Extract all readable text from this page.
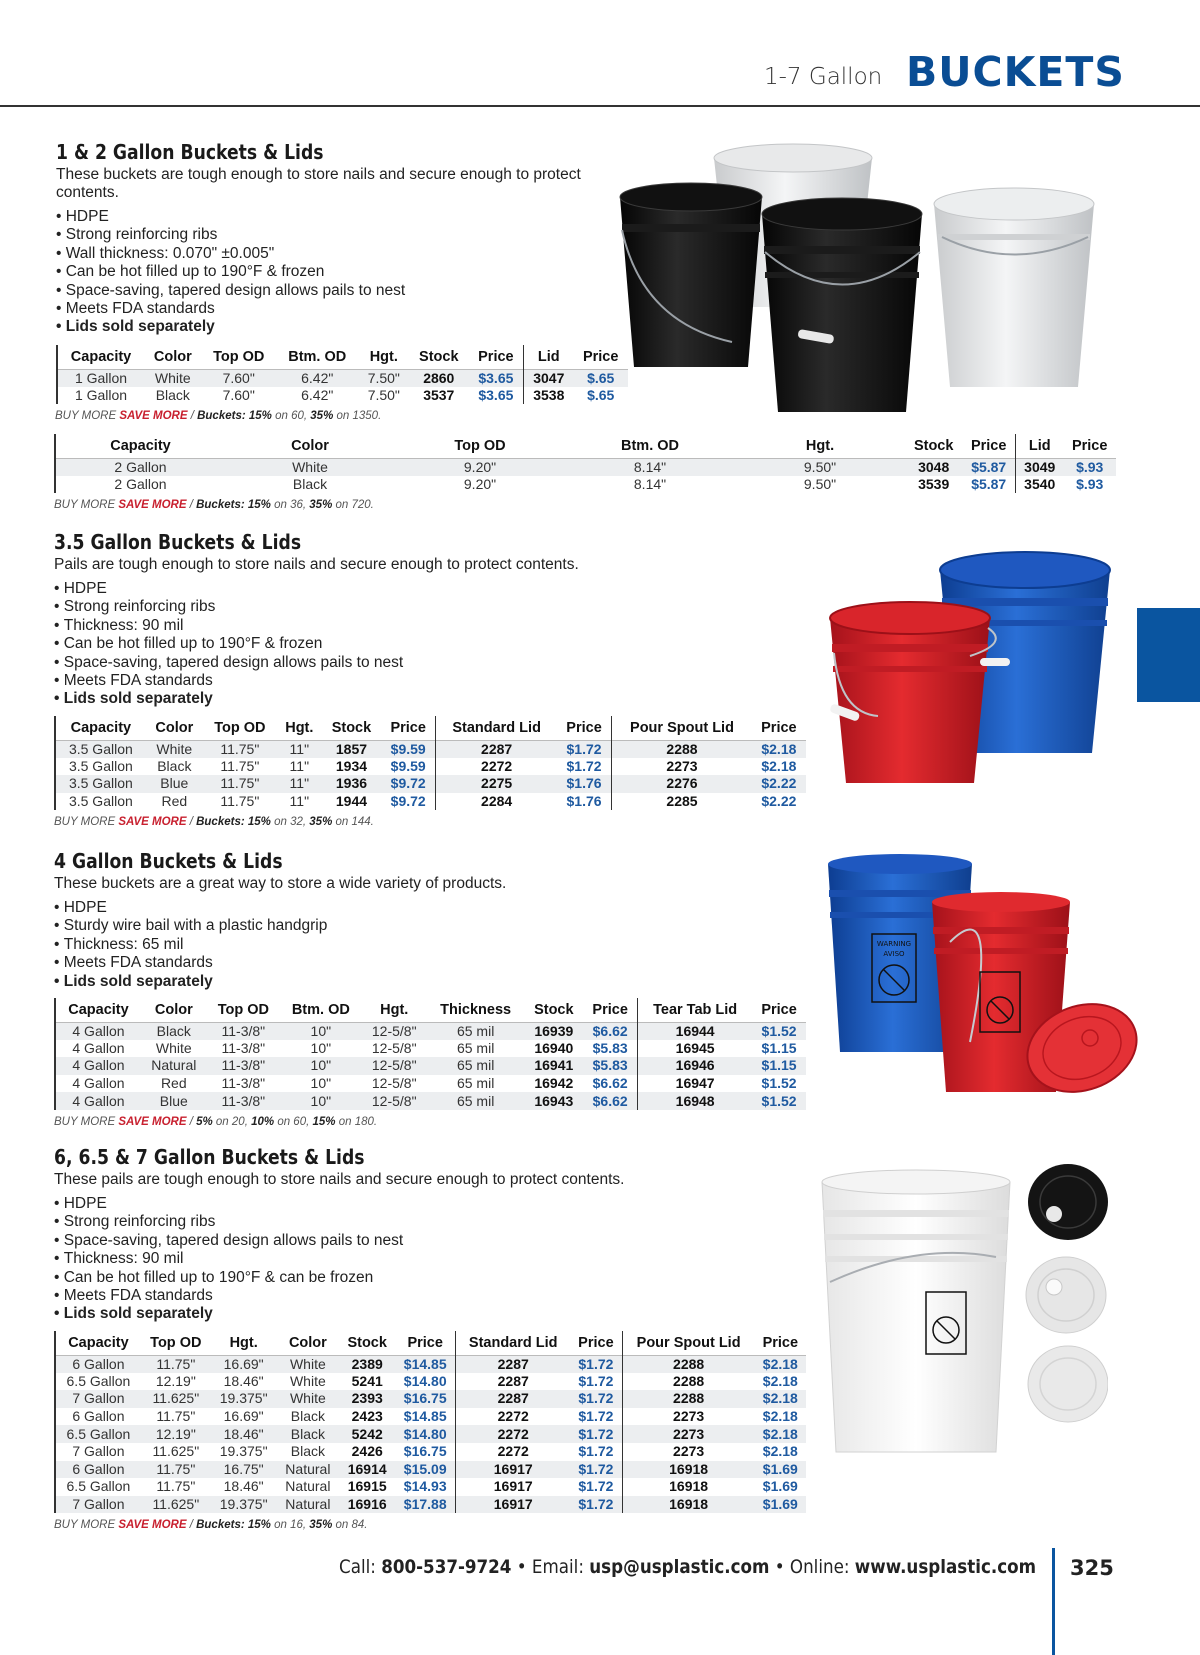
1-7 Gallon BUCKETS
1 & 2 Gallon Buckets & Lids
These buckets are tough enough to store nails and secure enough to protect contents.
• HDPE
• Strong reinforcing ribs
• Wall thickness: 0.070" ±0.005"
• Can be hot filled up to 190°F & frozen
• Space-saving, tapered design allows pails to nest
• Meets FDA standards
• Lids sold separately
Capacity	Color	Top OD	Btm. OD	Hgt.	Stock	Price	Lid	Price
1 Gallon	White	7.60"	6.42"	7.50"	2860	$3.65	3047	$.65
1 Gallon	Black	7.60"	6.42"	7.50"	3537	$3.65	3538	$.65
BUY MORE SAVE MORE / Buckets: 15% on 60, 35% on 1350.
Capacity	Color	Top OD	Btm. OD	Hgt.	Stock	Price	Lid	Price
2 Gallon	White	9.20"	8.14"	9.50"	3048	$5.87	3049	$.93
2 Gallon	Black	9.20"	8.14"	9.50"	3539	$5.87	3540	$.93
BUY MORE SAVE MORE / Buckets: 15% on 36, 35% on 720.
3.5 Gallon Buckets & Lids
Pails are tough enough to store nails and secure enough to protect contents.
• HDPE
• Strong reinforcing ribs
• Thickness: 90 mil
• Can be hot filled up to 190°F & frozen
• Space-saving, tapered design allows pails to nest
• Meets FDA standards
• Lids sold separately
Capacity	Color	Top OD	Hgt.	Stock	Price	Standard Lid	Price	Pour Spout Lid	Price
3.5 Gallon	White	11.75"	11"	1857	$9.59	2287	$1.72	2288	$2.18
3.5 Gallon	Black	11.75"	11"	1934	$9.59	2272	$1.72	2273	$2.18
3.5 Gallon	Blue	11.75"	11"	1936	$9.72	2275	$1.76	2276	$2.22
3.5 Gallon	Red	11.75"	11"	1944	$9.72	2284	$1.76	2285	$2.22
BUY MORE SAVE MORE / Buckets: 15% on 32, 35% on 144.
4 Gallon Buckets & Lids
These buckets are a great way to store a wide variety of products.
• HDPE
• Sturdy wire bail with a plastic handgrip
• Thickness: 65 mil
• Meets FDA standards
• Lids sold separately
Capacity	Color	Top OD	Btm. OD	Hgt.	Thickness	Stock	Price	Tear Tab Lid	Price
4 Gallon	Black	11-3/8"	10"	12-5/8"	65 mil	16939	$6.62	16944	$1.52
4 Gallon	White	11-3/8"	10"	12-5/8"	65 mil	16940	$5.83	16945	$1.15
4 Gallon	Natural	11-3/8"	10"	12-5/8"	65 mil	16941	$5.83	16946	$1.15
4 Gallon	Red	11-3/8"	10"	12-5/8"	65 mil	16942	$6.62	16947	$1.52
4 Gallon	Blue	11-3/8"	10"	12-5/8"	65 mil	16943	$6.62	16948	$1.52
BUY MORE SAVE MORE / 5% on 20, 10% on 60, 15% on 180.
WARNING
AVISO
6, 6.5 & 7 Gallon Buckets & Lids
These pails are tough enough to store nails and secure enough to protect contents.
• HDPE
• Strong reinforcing ribs
• Space-saving, tapered design allows pails to nest
• Thickness: 90 mil
• Can be hot filled up to 190°F & can be frozen
• Meets FDA standards
• Lids sold separately
Capacity	Top OD	Hgt.	Color	Stock	Price	Standard Lid	Price	Pour Spout Lid	Price
6 Gallon	11.75"	16.69"	White	2389	$14.85	2287	$1.72	2288	$2.18
6.5 Gallon	12.19"	18.46"	White	5241	$14.80	2287	$1.72	2288	$2.18
7 Gallon	11.625"	19.375"	White	2393	$16.75	2287	$1.72	2288	$2.18
6 Gallon	11.75"	16.69"	Black	2423	$14.85	2272	$1.72	2273	$2.18
6.5 Gallon	12.19"	18.46"	Black	5242	$14.80	2272	$1.72	2273	$2.18
7 Gallon	11.625"	19.375"	Black	2426	$16.75	2272	$1.72	2273	$2.18
6 Gallon	11.75"	16.75"	Natural	16914	$15.09	16917	$1.72	16918	$1.69
6.5 Gallon	11.75"	18.46"	Natural	16915	$14.93	16917	$1.72	16918	$1.69
7 Gallon	11.625"	19.375"	Natural	16916	$17.88	16917	$1.72	16918	$1.69
BUY MORE SAVE MORE / Buckets: 15% on 16, 35% on 84.
Call: 800-537-9724 • Email: usp@usplastic.com • Online: www.usplastic.com 325
